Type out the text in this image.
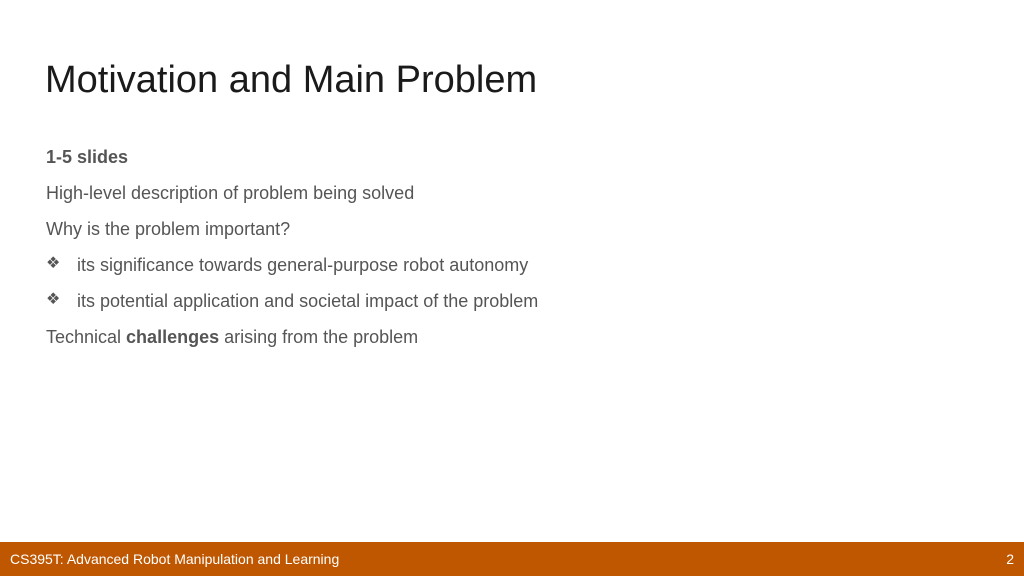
Motivation and Main Problem
1-5 slides
High-level description of problem being solved
Why is the problem important?
❖ its significance towards general-purpose robot autonomy
❖ its potential application and societal impact of the problem
Technical challenges arising from the problem
CS395T: Advanced Robot Manipulation and Learning	2
